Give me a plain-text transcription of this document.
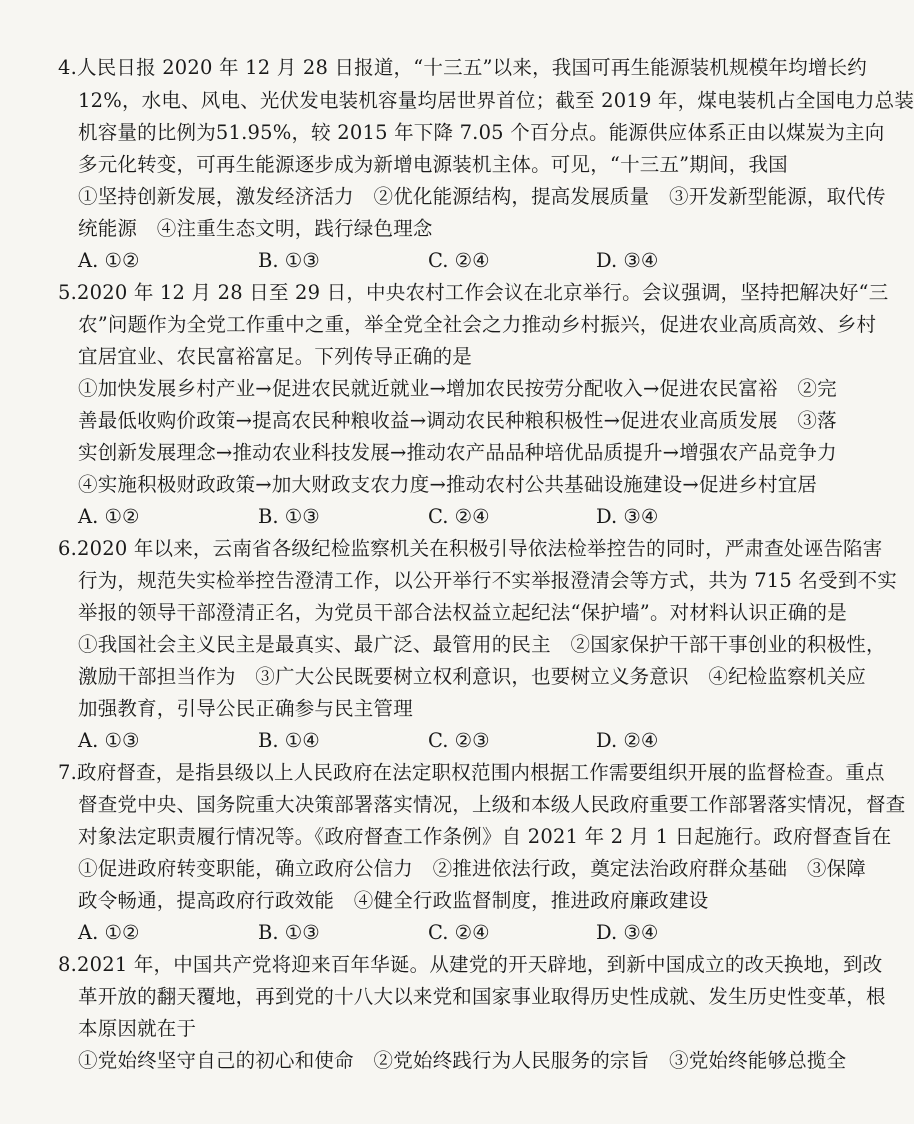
4.人民日报 2020 年 12 月 28 日报道，“十三五”以来，我国可再生能源装机规模年均增长约
12%，水电、风电、光伏发电装机容量均居世界首位；截至 2019 年，煤电装机占全国电力总装
机容量的比例为51.95%，较 2015 年下降 7.05 个百分点。能源供应体系正由以煤炭为主向
多元化转变，可再生能源逐步成为新增电源装机主体。可见，“十三五”期间，我国
①坚持创新发展，激发经济活力　②优化能源结构，提高发展质量　③开发新型能源，取代传
统能源　④注重生态文明，践行绿色理念
A. ①②	B. ①③	C. ②④	D. ③④
5.2020 年 12 月 28 日至 29 日，中央农村工作会议在北京举行。会议强调，坚持把解决好“三
农”问题作为全党工作重中之重，举全党全社会之力推动乡村振兴，促进农业高质高效、乡村
宜居宜业、农民富裕富足。下列传导正确的是
①加快发展乡村产业→促进农民就近就业→增加农民按劳分配收入→促进农民富裕　②完
善最低收购价政策→提高农民种粮收益→调动农民种粮积极性→促进农业高质发展　③落
实创新发展理念→推动农业科技发展→推动农产品品种培优品质提升→增强农产品竞争力
④实施积极财政政策→加大财政支农力度→推动农村公共基础设施建设→促进乡村宜居
A. ①②	B. ①③	C. ②④	D. ③④
6.2020 年以来，云南省各级纪检监察机关在积极引导依法检举控告的同时，严肃查处诬告陷害
行为，规范失实检举控告澄清工作，以公开举行不实举报澄清会等方式，共为 715 名受到不实
举报的领导干部澄清正名，为党员干部合法权益立起纪法“保护墙”。对材料认识正确的是
①我国社会主义民主是最真实、最广泛、最管用的民主　②国家保护干部干事创业的积极性，
激励干部担当作为　③广大公民既要树立权利意识，也要树立义务意识　④纪检监察机关应
加强教育，引导公民正确参与民主管理
A. ①③	B. ①④	C. ②③	D. ②④
7.政府督查，是指县级以上人民政府在法定职权范围内根据工作需要组织开展的监督检查。重点
督查党中央、国务院重大决策部署落实情况，上级和本级人民政府重要工作部署落实情况，督查
对象法定职责履行情况等。《政府督查工作条例》自 2021 年 2 月 1 日起施行。政府督查旨在
①促进政府转变职能，确立政府公信力　②推进依法行政，奠定法治政府群众基础　③保障
政令畅通，提高政府行政效能　④健全行政监督制度，推进政府廉政建设
A. ①②	B. ①③	C. ②④	D. ③④
8.2021 年，中国共产党将迎来百年华诞。从建党的开天辟地，到新中国成立的改天换地，到改
革开放的翻天覆地，再到党的十八大以来党和国家事业取得历史性成就、发生历史性变革，根
本原因就在于
①党始终坚守自己的初心和使命　②党始终践行为人民服务的宗旨　③党始终能够总揽全
